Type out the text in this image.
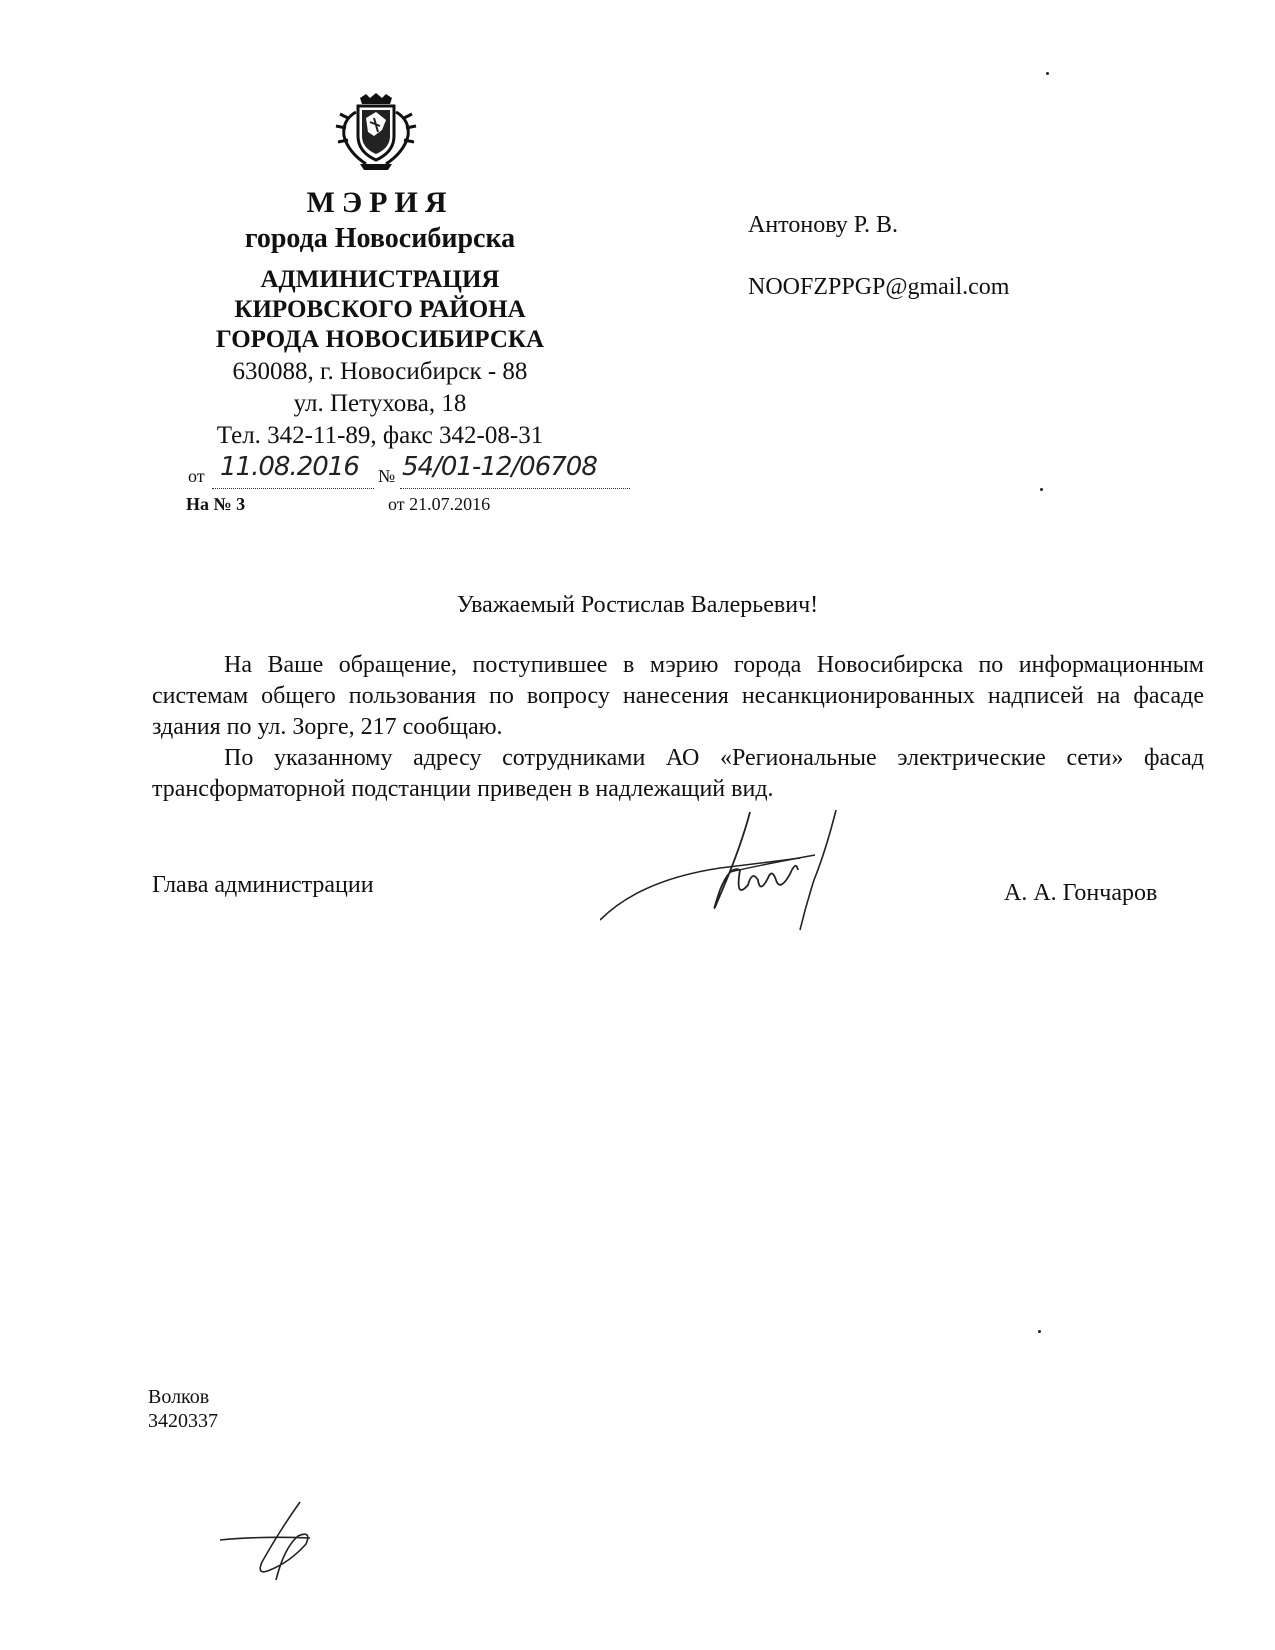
МЭРИЯ
города Новосибирска
АДМИНИСТРАЦИЯ
КИРОВСКОГО РАЙОНА
ГОРОДА НОВОСИБИРСКА
630088, г. Новосибирск - 88
ул. Петухова, 18
Тел. 342-11-89, факс 342-08-31
от 11.08.2016 № 54/01-12/06708
На № 3	от 21.07.2016
Антонову Р. В.
NOOFZPPGP@gmail.com
Уважаемый Ростислав Валерьевич!

На Ваше обращение, поступившее в мэрию города Новосибирска по информационным системам общего пользования по вопросу нанесения несанкционированных надписей на фасаде здания по ул. Зорге, 217 сообщаю.

По указанному адресу сотрудниками АО «Региональные электрические сети» фасад трансформаторной подстанции приведен в надлежащий вид.

Глава администрации	А. А. Гончаров
Волков
3420337
